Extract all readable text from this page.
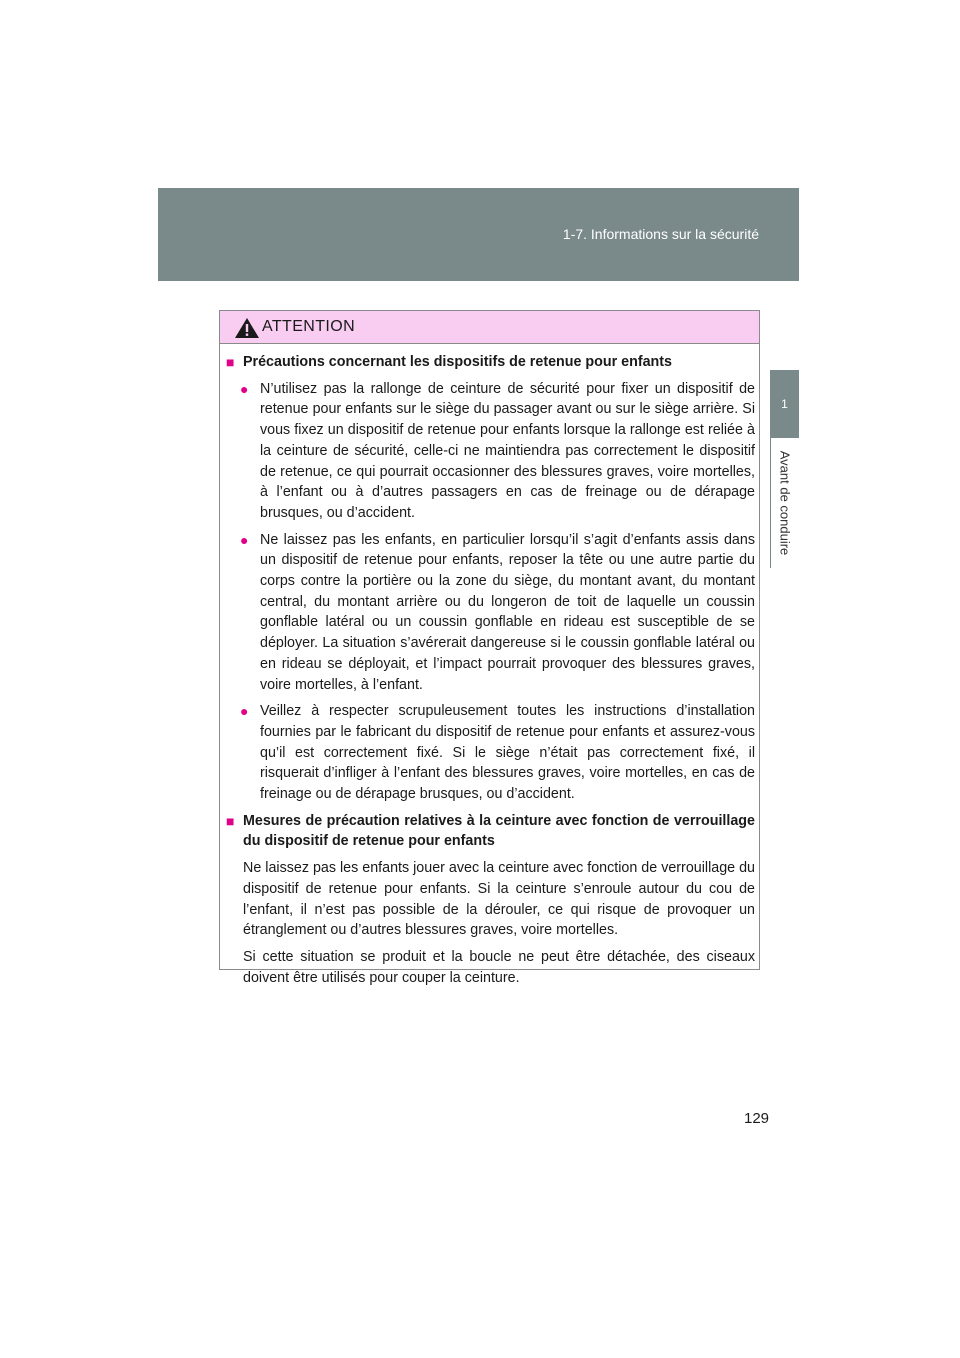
1-7. Informations sur la sécurité
1
Avant de conduire
ATTENTION
■ Précautions concernant les dispositifs de retenue pour enfants
● N’utilisez pas la rallonge de ceinture de sécurité pour fixer un dispositif de retenue pour enfants sur le siège du passager avant ou sur le siège arrière. Si vous fixez un dispositif de retenue pour enfants lorsque la rallonge est reliée à la ceinture de sécurité, celle-ci ne maintiendra pas correctement le dispositif de retenue, ce qui pourrait occasionner des blessures graves, voire mortelles, à l’enfant ou à d’autres passagers en cas de freinage ou de dérapage brusques, ou d’accident.
● Ne laissez pas les enfants, en particulier lorsqu’il s’agit d’enfants assis dans un dispositif de retenue pour enfants, reposer la tête ou une autre partie du corps contre la portière ou la zone du siège, du montant avant, du montant central, du montant arrière ou du longeron de toit de laquelle un coussin gonflable latéral ou un coussin gonflable en rideau est susceptible de se déployer. La situation s’avérerait dangereuse si le coussin gonflable latéral ou en rideau se déployait, et l’impact pourrait provoquer des blessures graves, voire mortelles, à l’enfant.
● Veillez à respecter scrupuleusement toutes les instructions d’installation fournies par le fabricant du dispositif de retenue pour enfants et assurez-vous qu’il est correctement fixé. Si le siège n’était pas correctement fixé, il risquerait d’infliger à l’enfant des blessures graves, voire mortelles, en cas de freinage ou de dérapage brusques, ou d’accident.
■ Mesures de précaution relatives à la ceinture avec fonction de verrouillage du dispositif de retenue pour enfants
Ne laissez pas les enfants jouer avec la ceinture avec fonction de verrouillage du dispositif de retenue pour enfants. Si la ceinture s’enroule autour du cou de l’enfant, il n’est pas possible de la dérouler, ce qui risque de provoquer un étranglement ou d’autres blessures graves, voire mortelles.
Si cette situation se produit et la boucle ne peut être détachée, des ciseaux doivent être utilisés pour couper la ceinture.
129
